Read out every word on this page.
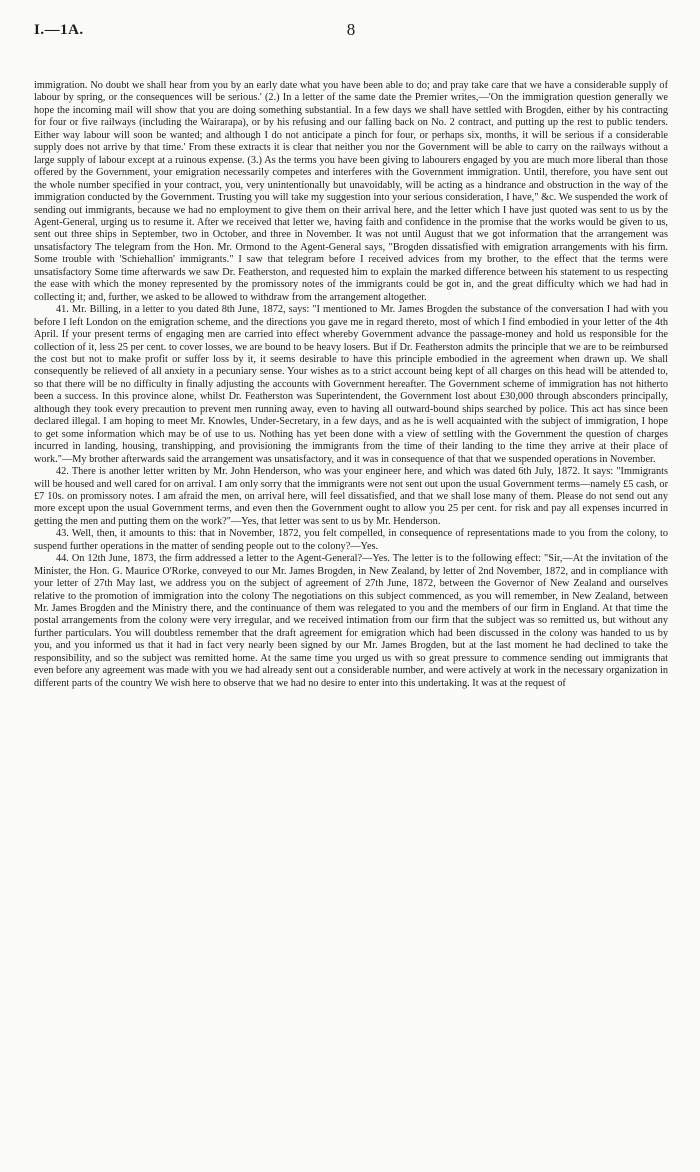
I.—1A.	8

immigration. No doubt we shall hear from you by an early date what you have been able to do; and pray take care that we have a considerable supply of labour by spring, or the consequences will be serious.' (2.) In a letter of the same date the Premier writes,—'On the immigration question generally we hope the incoming mail will show that you are doing something substantial. In a few days we shall have settled with Brogden, either by his contracting for four or five railways (including the Wairarapa), or by his refusing and our falling back on No. 2 contract, and putting up the rest to public tenders. Either way labour will soon be wanted; and although I do not anticipate a pinch for four, or perhaps six, months, it will be serious if a considerable supply does not arrive by that time.' From these extracts it is clear that neither you nor the Government will be able to carry on the railways without a large supply of labour except at a ruinous expense. (3.) As the terms you have been giving to labourers engaged by you are much more liberal than those offered by the Government, your emigration necessarily competes and interferes with the Government immigration. Until, therefore, you have sent out the whole number specified in your contract, you, very unintentionally but unavoidably, will be acting as a hindrance and obstruction in the way of the immigration conducted by the Government. Trusting you will take my suggestion into your serious consideration, I have," &c. We suspended the work of sending out immigrants, because we had no employment to give them on their arrival here, and the letter which I have just quoted was sent to us by the Agent-General, urging us to resume it. After we received that letter we, having faith and confidence in the promise that the works would be given to us, sent out three ships in September, two in October, and three in November. It was not until August that we got information that the arrangement was unsatisfactory The telegram from the Hon. Mr. Ormond to the Agent-General says, "Brogden dissatisfied with emigration arrangements with his firm. Some trouble with 'Schiehallion' immigrants." I saw that telegram before I received advices from my brother, to the effect that the terms were unsatisfactory Some time afterwards we saw Dr. Featherston, and requested him to explain the marked difference between his statement to us respecting the ease with which the money represented by the promissory notes of the immigrants could be got in, and the great difficulty which we had had in collecting it; and, further, we asked to be allowed to withdraw from the arrangement altogether.

41. Mr. Billing, in a letter to you dated 8th June, 1872, says: "I mentioned to Mr. James Brogden the substance of the conversation I had with you before I left London on the emigration scheme, and the directions you gave me in regard thereto, most of which I find embodied in your letter of the 4th April. If your present terms of engaging men are carried into effect whereby Government advance the passage-money and hold us responsible for the collection of it, less 25 per cent. to cover losses, we are bound to be heavy losers. But if Dr. Featherston admits the principle that we are to be reimbursed the cost but not to make profit or suffer loss by it, it seems desirable to have this principle embodied in the agreement when drawn up. We shall consequently be relieved of all anxiety in a pecuniary sense. Your wishes as to a strict account being kept of all charges on this head will be attended to, so that there will be no difficulty in finally adjusting the accounts with Government hereafter. The Government scheme of immigration has not hitherto been a success. In this province alone, whilst Dr. Featherston was Superintendent, the Government lost about £30,000 through absconders principally, although they took every precaution to prevent men running away, even to having all outward-bound ships searched by police. This act has since been declared illegal. I am hoping to meet Mr. Knowles, Under-Secretary, in a few days, and as he is well acquainted with the subject of immigration, I hope to get some information which may be of use to us. Nothing has yet been done with a view of settling with the Government the question of charges incurred in landing, housing, transhipping, and provisioning the immigrants from the time of their landing to the time they arrive at their place of work."—My brother afterwards said the arrangement was unsatisfactory, and it was in consequence of that that we suspended operations in November.

42. There is another letter written by Mr. John Henderson, who was your engineer here, and which was dated 6th July, 1872. It says: "Immigrants will be housed and well cared for on arrival. I am only sorry that the immigrants were not sent out upon the usual Government terms—namely £5 cash, or £7 10s. on promissory notes. I am afraid the men, on arrival here, will feel dissatisfied, and that we shall lose many of them. Please do not send out any more except upon the usual Government terms, and even then the Government ought to allow you 25 per cent. for risk and pay all expenses incurred in getting the men and putting them on the work?"—Yes, that letter was sent to us by Mr. Henderson.

43. Well, then, it amounts to this: that in November, 1872, you felt compelled, in consequence of representations made to you from the colony, to suspend further operations in the matter of sending people out to the colony?—Yes.

44. On 12th June, 1873, the firm addressed a letter to the Agent-General?—Yes. The letter is to the following effect: "Sir,—At the invitation of the Minister, the Hon. G. Maurice O'Rorke, conveyed to our Mr. James Brogden, in New Zealand, by letter of 2nd November, 1872, and in compliance with your letter of 27th May last, we address you on the subject of agreement of 27th June, 1872, between the Governor of New Zealand and ourselves relative to the promotion of immigration into the colony The negotiations on this subject commenced, as you will remember, in New Zealand, between Mr. James Brogden and the Ministry there, and the continuance of them was relegated to you and the members of our firm in England. At that time the postal arrangements from the colony were very irregular, and we received intimation from our firm that the subject was so remitted us, but without any further particulars. You will doubtless remember that the draft agreement for emigration which had been discussed in the colony was handed to us by you, and you informed us that it had in fact very nearly been signed by our Mr. James Brogden, but at the last moment he had declined to take the responsibility, and so the subject was remitted home. At the same time you urged us with so great pressure to commence sending out immigrants that even before any agreement was made with you we had already sent out a considerable number, and were actively at work in the necessary organization in different parts of the country We wish here to observe that we had no desire to enter into this undertaking. It was at the request of
